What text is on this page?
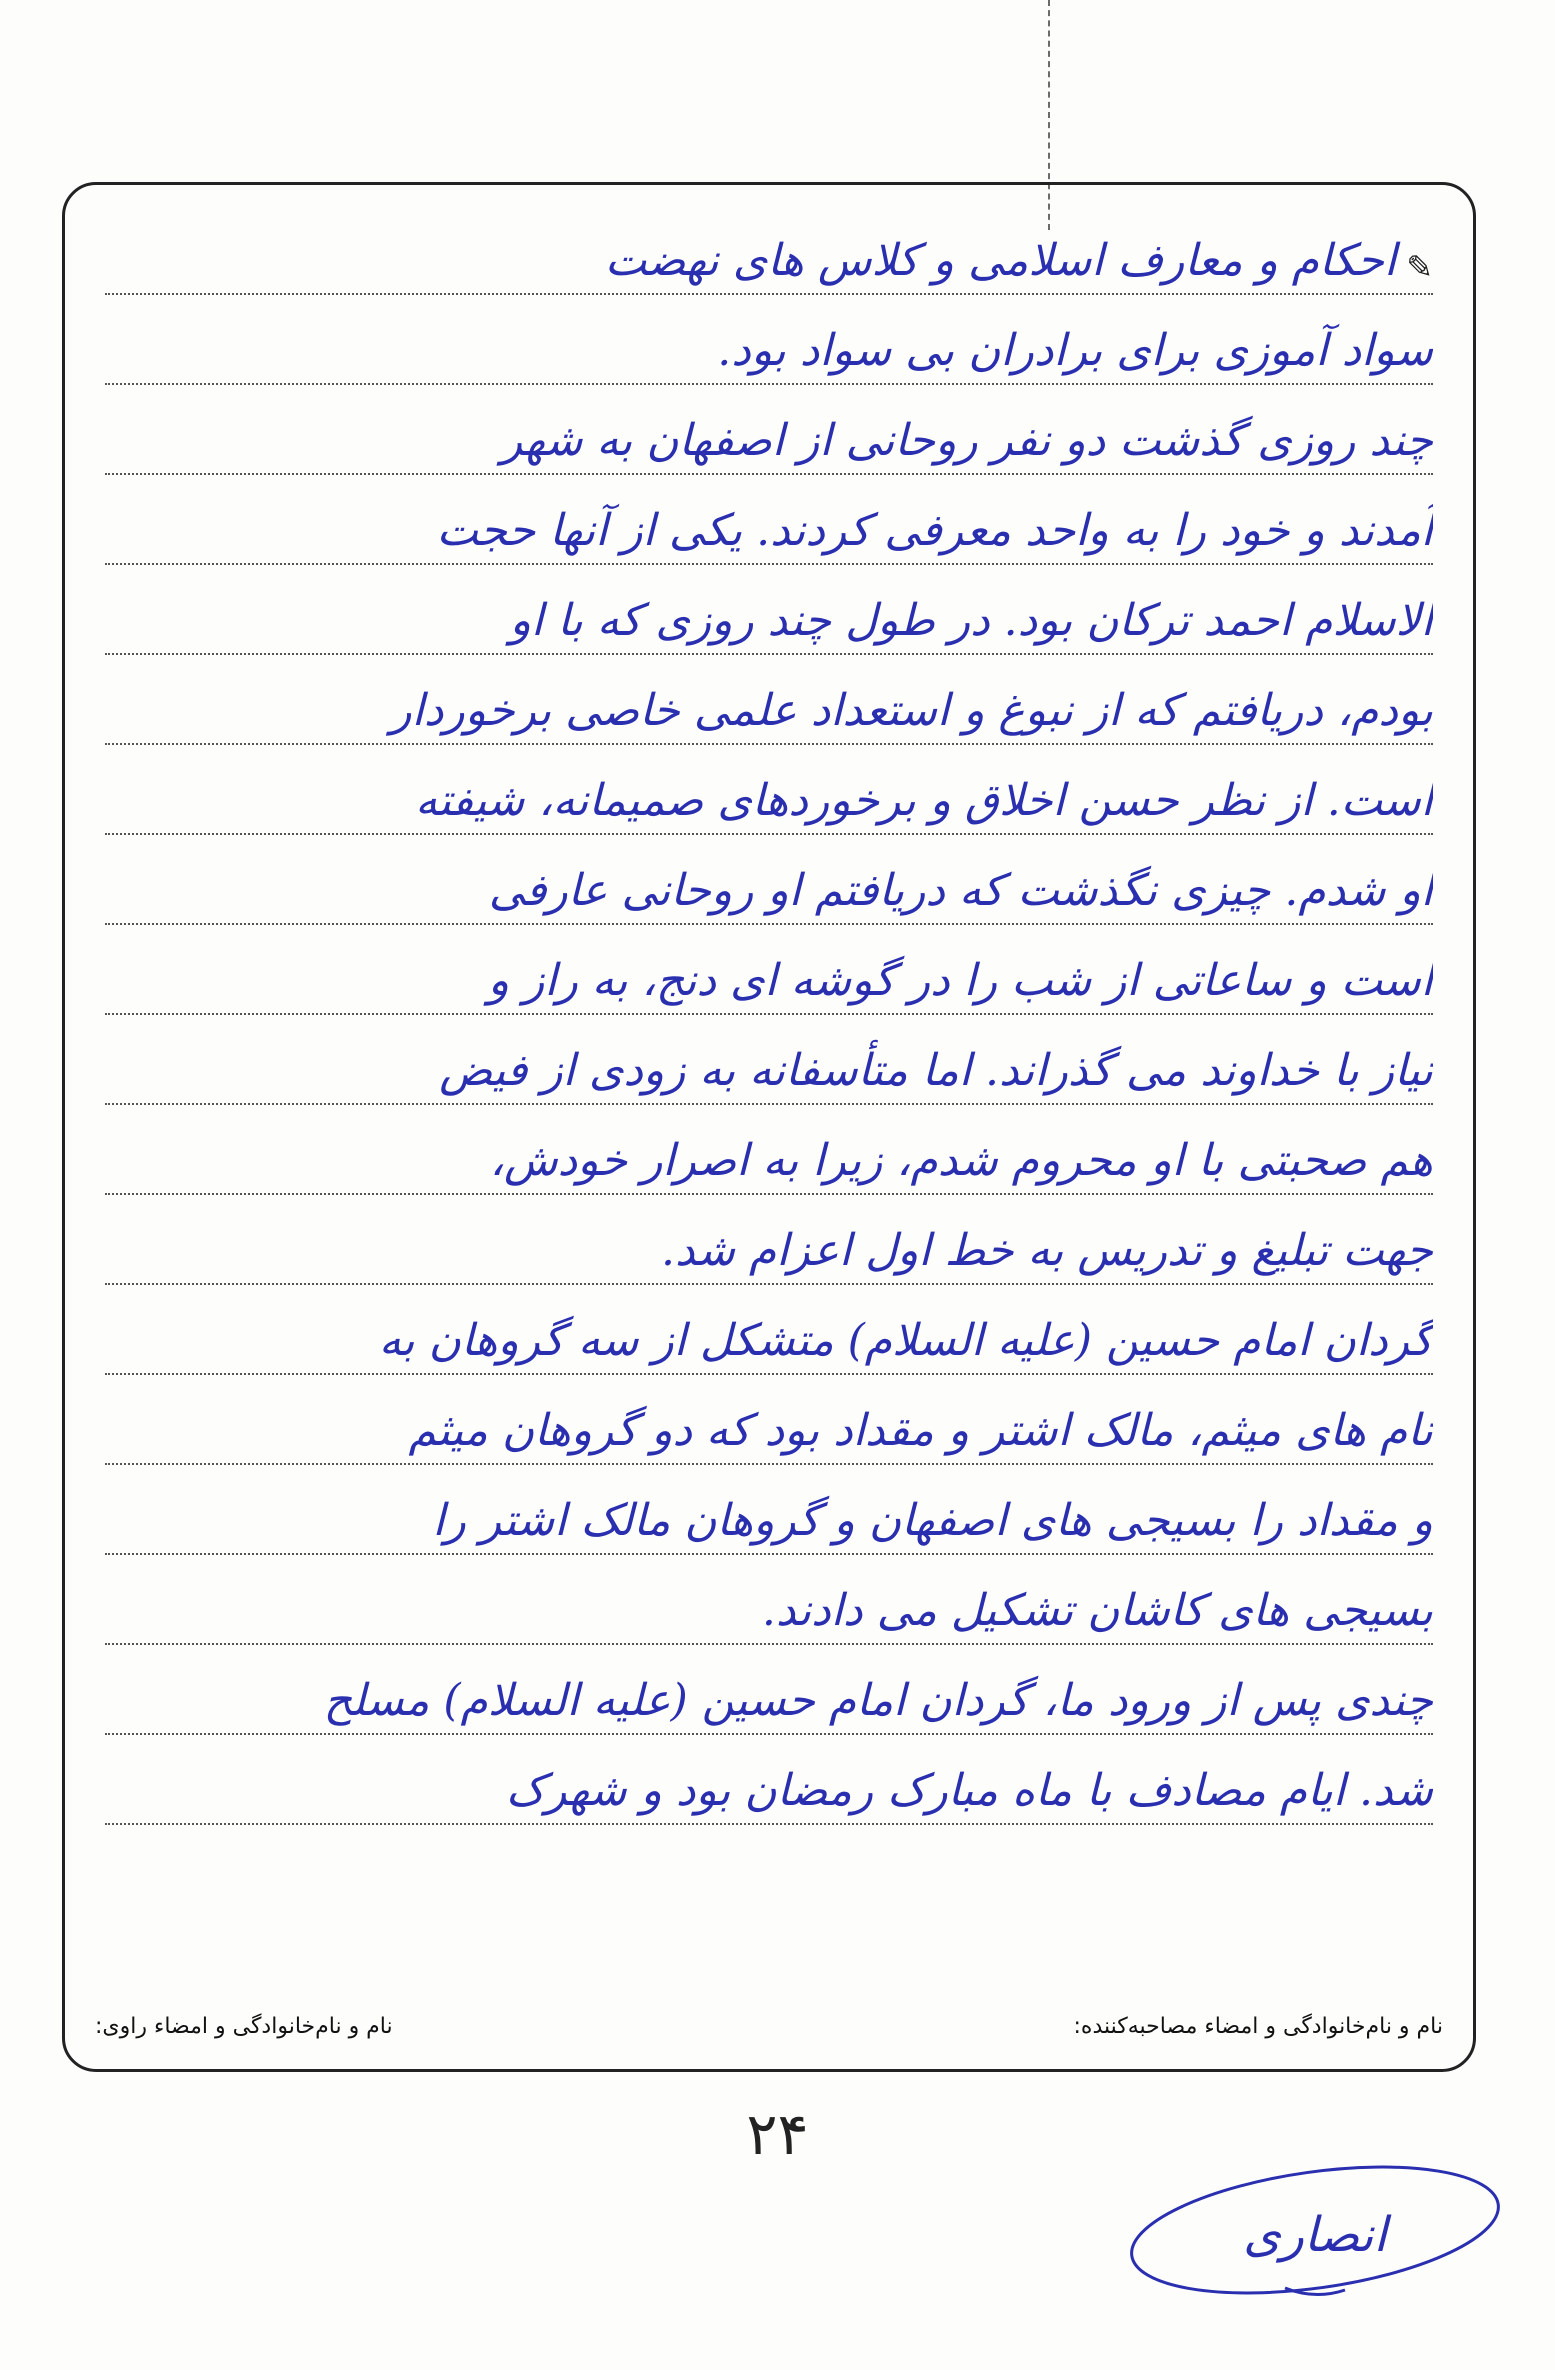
✎
احکام و معارف اسلامی و کلاس های نهضت
سواد آموزی برای برادران بی سواد بود.
چند روزی گذشت دو نفر روحانی از اصفهان به شهر
آمدند و خود را به واحد معرفی کردند. یکی از آنها حجت
الاسلام احمد ترکان بود. در طول چند روزی که با او
بودم، دریافتم که از نبوغ و استعداد علمی خاصی برخوردار
است. از نظر حسن اخلاق و برخوردهای صمیمانه، شیفته
او شدم. چیزی نگذشت که دریافتم او روحانی عارفی
است و ساعاتی از شب را در گوشه ای دنج، به راز و
نیاز با خداوند می گذراند. اما متأسفانه به زودی از فیض
هم صحبتی با او محروم شدم، زیرا به اصرار خودش،
جهت تبلیغ و تدریس به خط اول اعزام شد.
گردان امام حسین (علیه السلام) متشکل از سه گروهان به
نام های میثم، مالک اشتر و مقداد بود که دو گروهان میثم
و مقداد را بسیجی های اصفهان و گروهان مالک اشتر را
بسیجی های کاشان تشکیل می دادند.
چندی پس از ورود ما، گردان امام حسین (علیه السلام) مسلح
شد. ایام مصادف با ماه مبارک رمضان بود و شهرک
نام و نام‌خانوادگی و امضاء راوی:	نام و نام‌خانوادگی و امضاء مصاحبه‌کننده:
۲۴
انصاری
